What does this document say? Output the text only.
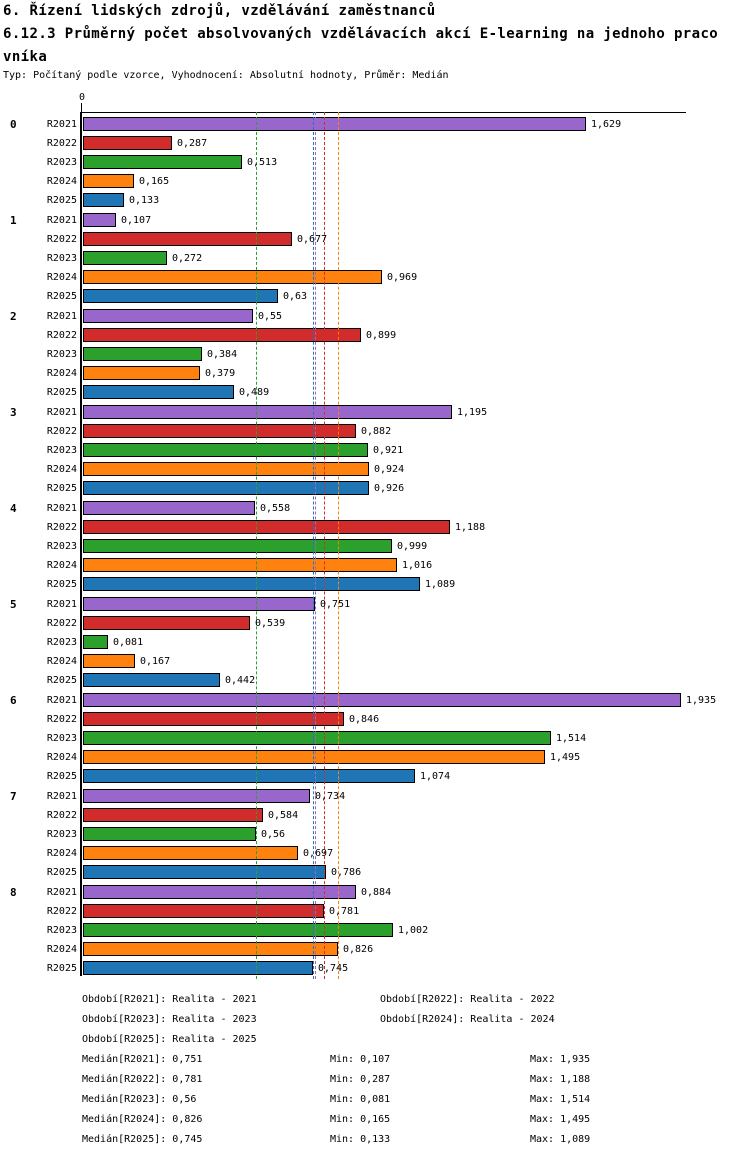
6. Řízení lidských zdrojů, vzdělávání zaměstnanců
6.12.3 Průměrný počet absolvovaných vzdělávacích akcí E-learning na jednoho praco
vníka
Typ: Počítaný podle vzorce, Vyhodnocení: Absolutní hodnoty, Průměr: Medián
0
0	R2021	1,629
R2022	0,287
R2023	0,513
R2024	0,165
R2025	0,133
1	R2021	0,107
R2022	0,677
R2023	0,272
R2024	0,969
R2025	0,63
2	R2021	0,55
R2022	0,899
R2023	0,384
R2024	0,379
R2025	0,489
3	R2021	1,195
R2022	0,882
R2023	0,921
R2024	0,924
R2025	0,926
4	R2021	0,558
R2022	1,188
R2023	0,999
R2024	1,016
R2025	1,089
5	R2021	0,751
R2022	0,539
R2023	0,081
R2024	0,167
R2025	0,442
6	R2021	1,935
R2022	0,846
R2023	1,514
R2024	1,495
R2025	1,074
7	R2021	0,734
R2022	0,584
R2023	0,56
R2024	0,697
R2025	0,786
8	R2021	0,884
R2022	0,781
R2023	1,002
R2024	0,826
R2025	0,745
Období[R2021]: Realita - 2021	Období[R2022]: Realita - 2022
Období[R2023]: Realita - 2023	Období[R2024]: Realita - 2024
Období[R2025]: Realita - 2025
Medián[R2021]: 0,751	Min: 0,107	Max: 1,935
Medián[R2022]: 0,781	Min: 0,287	Max: 1,188
Medián[R2023]: 0,56	Min: 0,081	Max: 1,514
Medián[R2024]: 0,826	Min: 0,165	Max: 1,495
Medián[R2025]: 0,745	Min: 0,133	Max: 1,089
